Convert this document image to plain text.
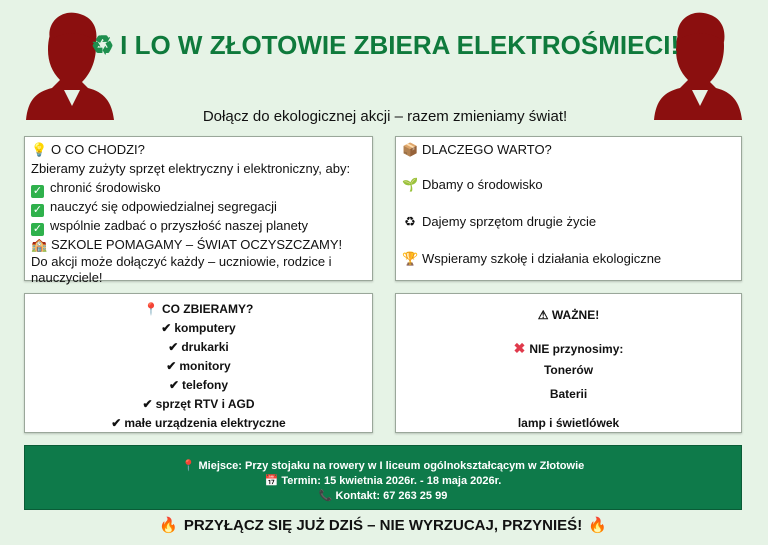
♻ I LO W ZŁOTOWIE ZBIERA ELEKTROŚMIECI!
Dołącz do ekologicznej akcji – razem zmieniamy świat!
💡 O CO CHODZI?
Zbieramy zużyty sprzęt elektryczny i elektroniczny, aby:
✓ chronić środowisko
✓ nauczyć się odpowiedzialnej segregacji
✓ wspólnie zadbać o przyszłość naszej planety
🏫 SZKOLE POMAGAMY – ŚWIAT OCZYSZCZAMY!
Do akcji może dołączyć każdy – uczniowie, rodzice i nauczyciele!
📦 DLACZEGO WARTO?
🌱 Dbamy o środowisko
♻ Dajemy sprzętom drugie życie
🏆 Wspieramy szkołę i działania ekologiczne
📍 CO ZBIERAMY?
✔ komputery
✔ drukarki
✔ monitory
✔ telefony
✔ sprzęt RTV i AGD
✔ małe urządzenia elektryczne
⚠ WAŻNE!
✖ NIE przynosimy:
Tonerów
Baterii
lamp i świetlówek
📍 Miejsce: Przy stojaku na rowery w I liceum ogólnokształcącym w Złotowie
📅 Termin: 15 kwietnia 2026r. - 18 maja 2026r.
📞 Kontakt: 67 263 25 99
🔥 PRZYŁĄCZ SIĘ JUŻ DZIŚ – NIE WYRZUCAJ, PRZYNIEŚ! 🔥
